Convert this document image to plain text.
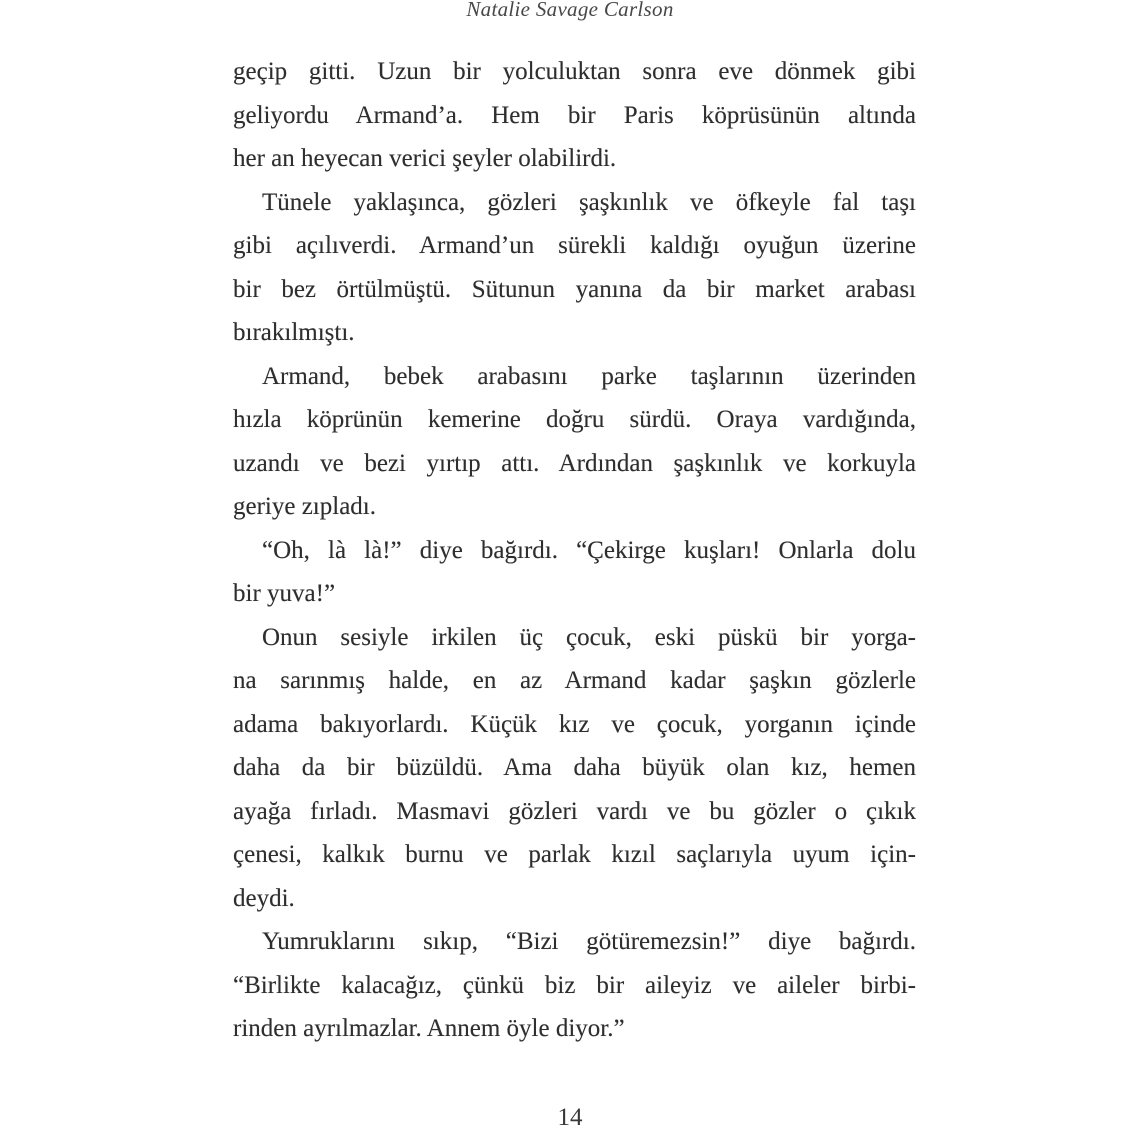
Natalie Savage Carlson
geçip gitti. Uzun bir yolculuktan sonra eve dönmek gibi
geliyordu Armand’a. Hem bir Paris köprüsünün altında
her an heyecan verici şeyler olabilirdi.
Tünele yaklaşınca, gözleri şaşkınlık ve öfkeyle fal taşı
gibi açılıverdi. Armand’un sürekli kaldığı oyuğun üzerine
bir bez örtülmüştü. Sütunun yanına da bir market arabası
bırakılmıştı.
Armand, bebek arabasını parke taşlarının üzerinden
hızla köprünün kemerine doğru sürdü. Oraya vardığında,
uzandı ve bezi yırtıp attı. Ardından şaşkınlık ve korkuyla
geriye zıpladı.
“Oh, là là!” diye bağırdı. “Çekirge kuşları! Onlarla dolu
bir yuva!”
Onun sesiyle irkilen üç çocuk, eski püskü bir yorga-
na sarınmış halde, en az Armand kadar şaşkın gözlerle
adama bakıyorlardı. Küçük kız ve çocuk, yorganın içinde
daha da bir büzüldü. Ama daha büyük olan kız, hemen
ayağa fırladı. Masmavi gözleri vardı ve bu gözler o çıkık
çenesi, kalkık burnu ve parlak kızıl saçlarıyla uyum için-
deydi.
Yumruklarını sıkıp, “Bizi götüremezsin!” diye bağırdı.
“Birlikte kalacağız, çünkü biz bir aileyiz ve aileler birbi-
rinden ayrılmazlar. Annem öyle diyor.”
14
